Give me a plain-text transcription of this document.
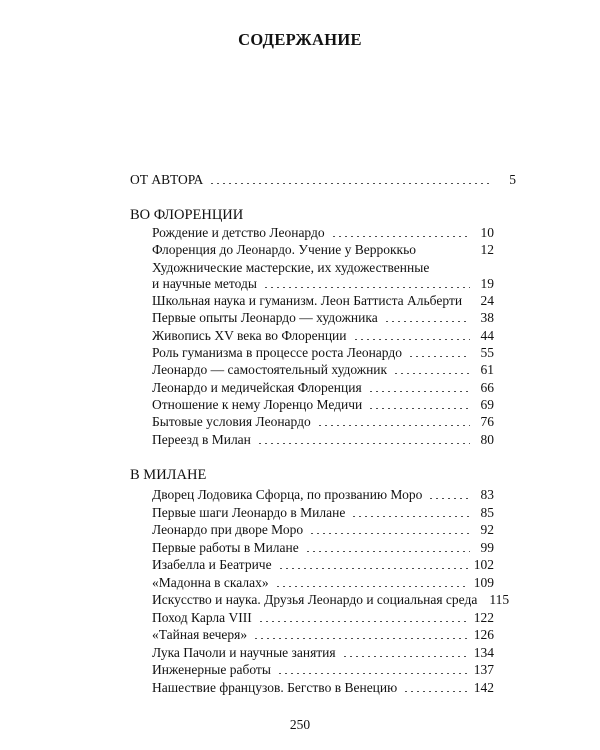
СОДЕРЖАНИЕ
ОТ АВТОРА	5
ВО ФЛОРЕНЦИИ
Рождение и детство Леонардо	10
Флоренция до Леонардо. Учение у Верроккьо	12
Художнические мастерские, их художественные
и научные методы	19
Школьная наука и гуманизм. Леон Баттиста Альберти	24
Первые опыты Леонардо — художника	38
Живопись XV века во Флоренции	44
Роль гуманизма в процессе роста Леонардо	55
Леонардо — самостоятельный художник	61
Леонардо и медичейская Флоренция	66
Отношение к нему Лоренцо Медичи	69
Бытовые условия Леонардо	76
Переезд в Милан	80
В МИЛАНЕ
Дворец Лодовика Сфорца, по прозванию Моро	83
Первые шаги Леонардо в Милане	85
Леонардо при дворе Моро	92
Первые работы в Милане	99
Изабелла и Беатриче	102
«Мадонна в скалах»	109
Искусство и наука. Друзья Леонардо и социальная среда 115
Поход Карла VIII	122
«Тайная вечеря»	126
Лука Пачоли и научные занятия	134
Инженерные работы	137
Нашествие французов. Бегство в Венецию	142
250
